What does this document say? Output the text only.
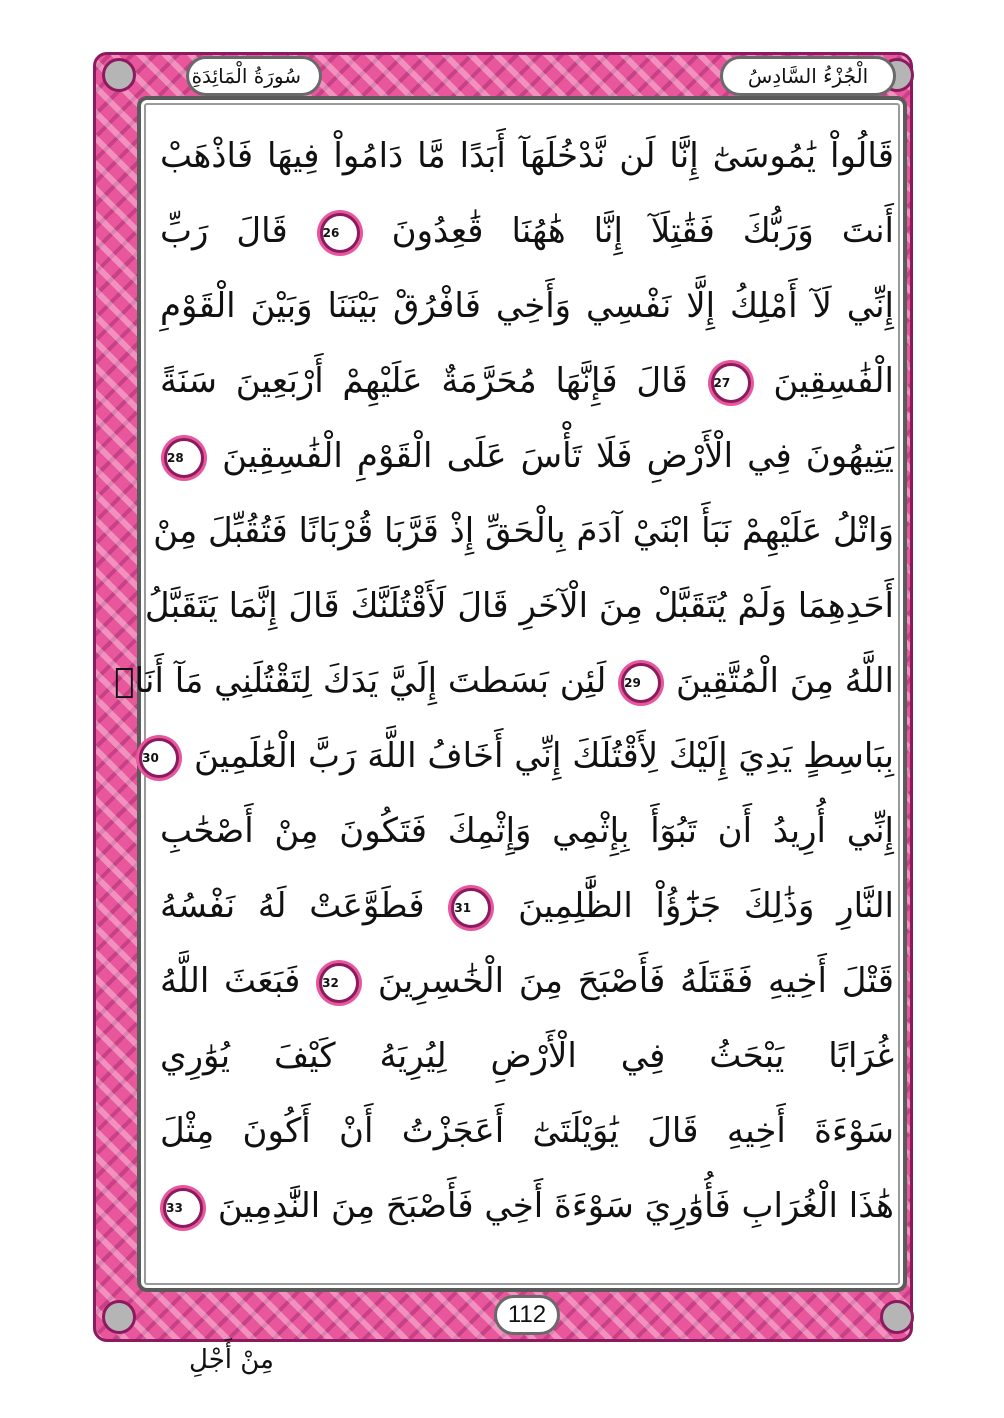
الْجُزْءُ السَّادِسُ
سُورَةُ الْمَائِدَةِ
قَالُواْ يَٰمُوسَىٰٓ إِنَّا لَن نَّدْخُلَهَآ أَبَدًا مَّا دَامُواْ فِيهَا فَاذْهَبْ
أَنتَ وَرَبُّكَ فَقَٰتِلَآ إِنَّا هَٰهُنَا قَٰعِدُونَ 26 قَالَ رَبِّ
إِنِّي لَآ أَمْلِكُ إِلَّا نَفْسِي وَأَخِي فَافْرُقْ بَيْنَنَا وَبَيْنَ الْقَوْمِ
الْفَٰسِقِينَ 27 قَالَ فَإِنَّهَا مُحَرَّمَةٌ عَلَيْهِمْ أَرْبَعِينَ سَنَةً
يَتِيهُونَ فِي الْأَرْضِ فَلَا تَأْسَ عَلَى الْقَوْمِ الْفَٰسِقِينَ 28
وَاتْلُ عَلَيْهِمْ نَبَأَ ابْنَيْ آدَمَ بِالْحَقِّ إِذْ قَرَّبَا قُرْبَانًا فَتُقُبِّلَ مِنْ
أَحَدِهِمَا وَلَمْ يُتَقَبَّلْ مِنَ الْآخَرِ قَالَ لَأَقْتُلَنَّكَ قَالَ إِنَّمَا يَتَقَبَّلُ
اللَّهُ مِنَ الْمُتَّقِينَ 29 لَئِن بَسَطتَ إِلَيَّ يَدَكَ لِتَقْتُلَنِي مَآ أَنَا۠
بِبَاسِطٍ يَدِيَ إِلَيْكَ لِأَقْتُلَكَ إِنِّي أَخَافُ اللَّهَ رَبَّ الْعَٰلَمِينَ 30
إِنِّي أُرِيدُ أَن تَبُوٓأَ بِإِثْمِي وَإِثْمِكَ فَتَكُونَ مِنْ أَصْحَٰبِ
النَّارِ وَذَٰلِكَ جَزَٰٓؤُاْ الظَّٰلِمِينَ 31 فَطَوَّعَتْ لَهُ نَفْسُهُ
قَتْلَ أَخِيهِ فَقَتَلَهُ فَأَصْبَحَ مِنَ الْخَٰسِرِينَ 32 فَبَعَثَ اللَّهُ
غُرَابًا يَبْحَثُ فِي الْأَرْضِ لِيُرِيَهُ كَيْفَ يُوَٰرِي
سَوْءَةَ أَخِيهِ قَالَ يَٰوَيْلَتَىٰٓ أَعَجَزْتُ أَنْ أَكُونَ مِثْلَ
هَٰذَا الْغُرَابِ فَأُوَٰرِيَ سَوْءَةَ أَخِي فَأَصْبَحَ مِنَ النَّٰدِمِينَ 33
112
مِنْ أَجْلِ
